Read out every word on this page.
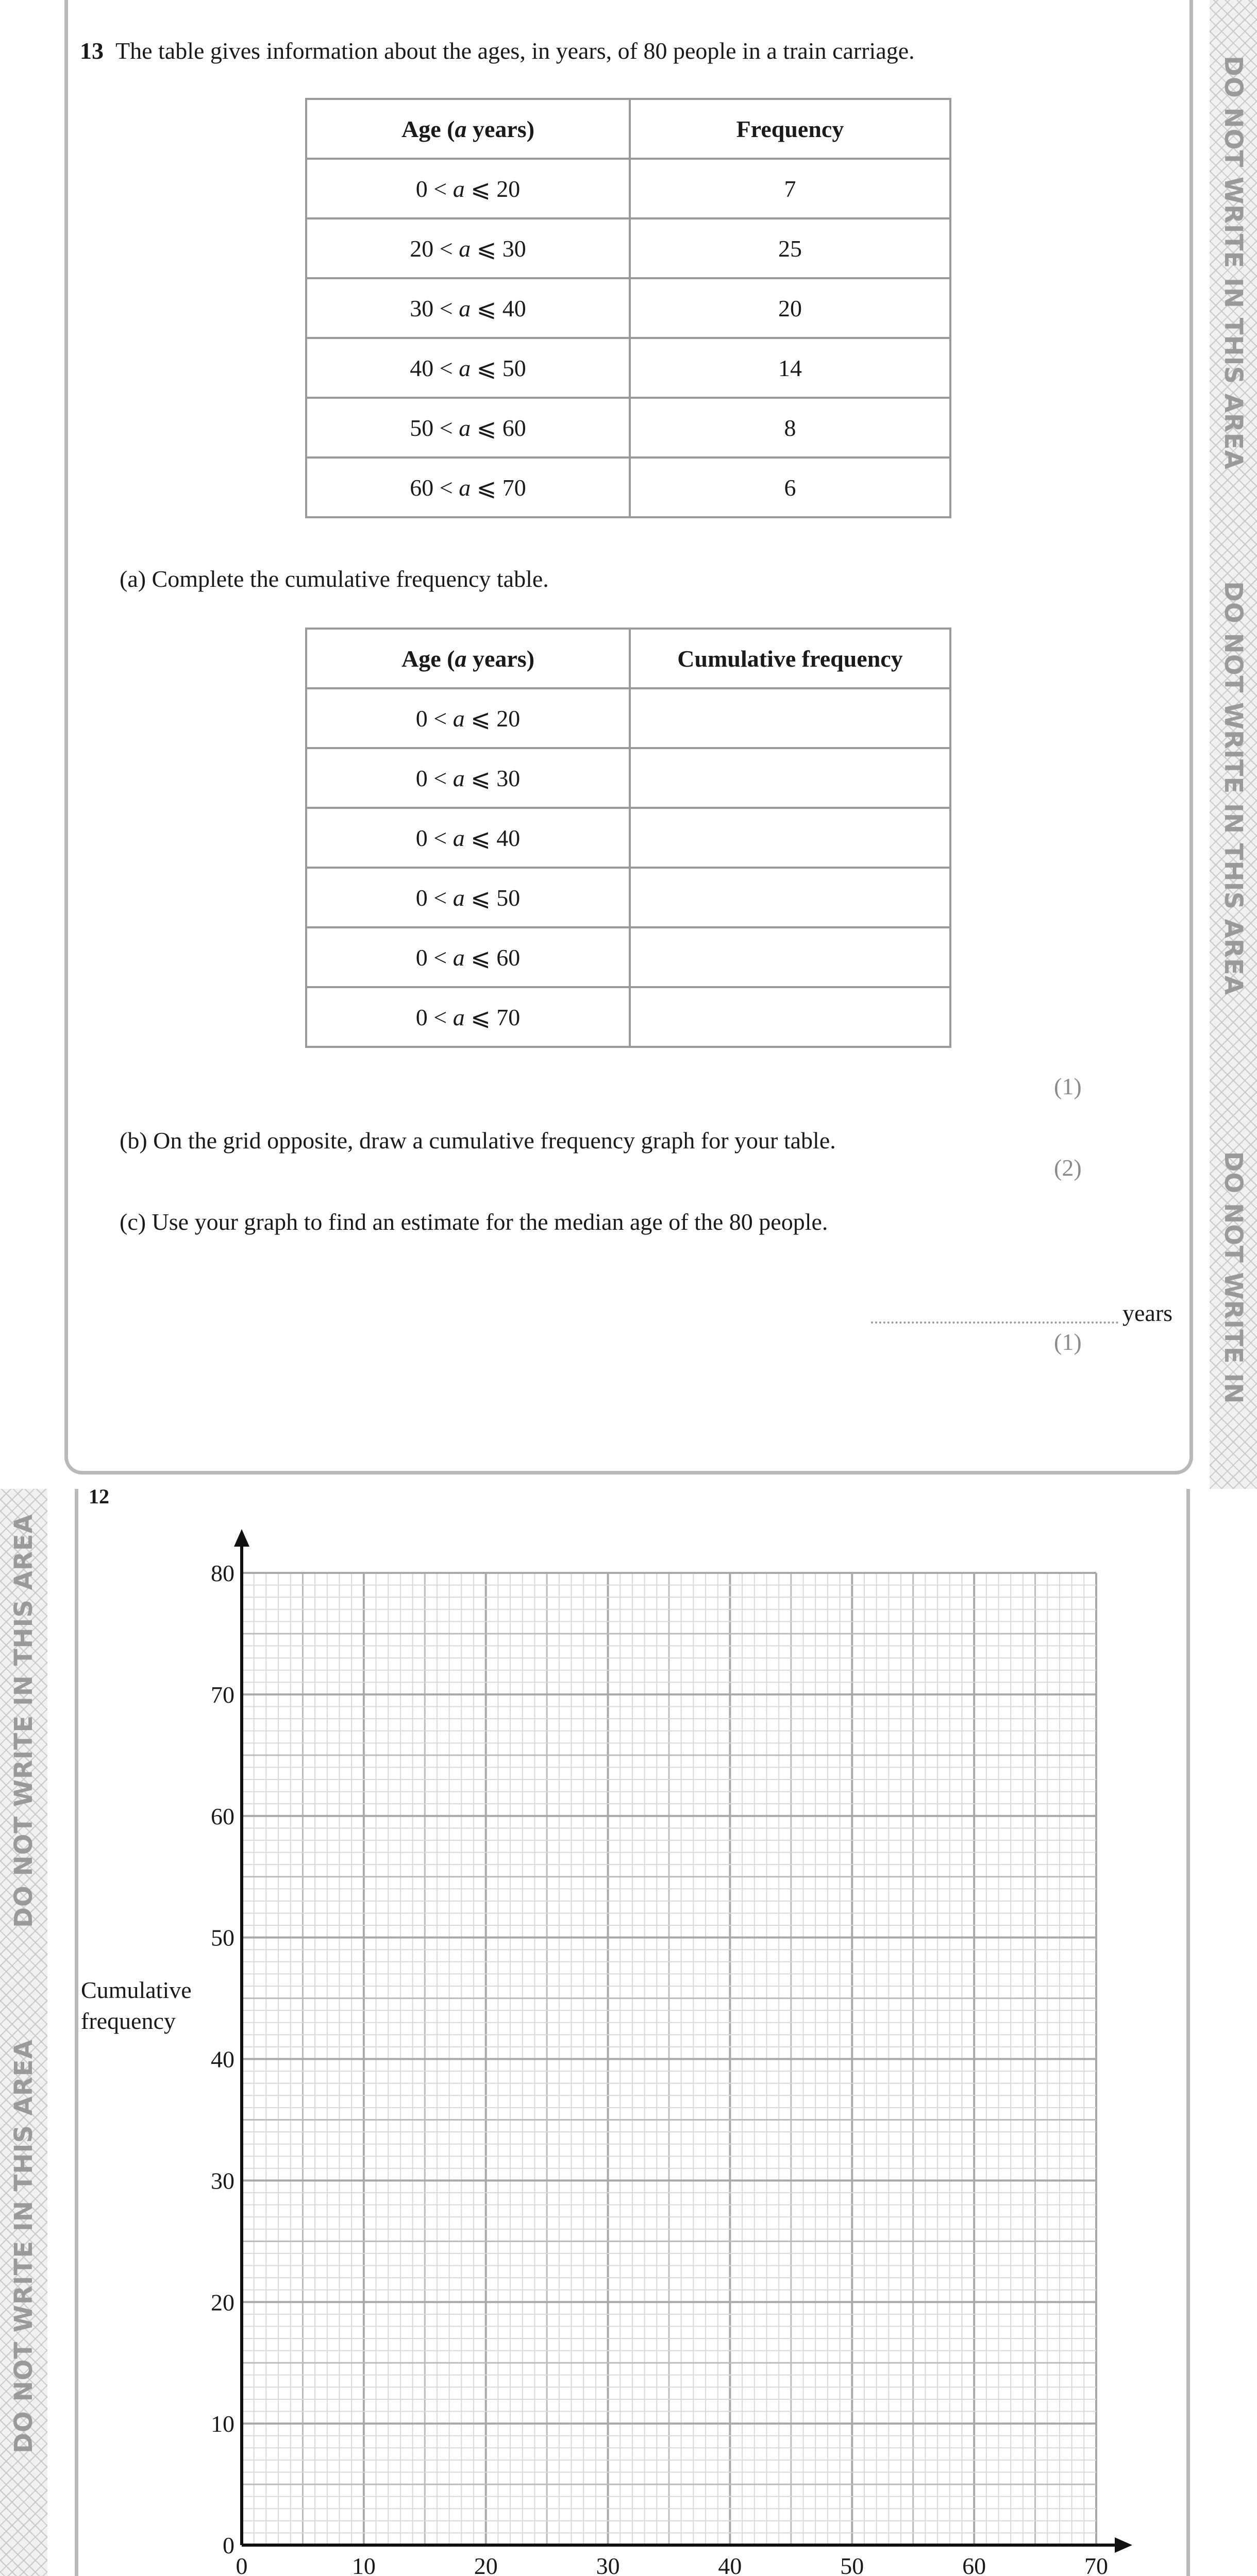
DO NOT WRITE IN THIS AREA
DO NOT WRITE IN THIS AREA
DO NOT WRITE IN
13 The table gives information about the ages, in years, of 80 people in a train carriage.
Age (a years)	Frequency
0 < a ⩽ 20	7
20 < a ⩽ 30	25
30 < a ⩽ 40	20
40 < a ⩽ 50	14
50 < a ⩽ 60	8
60 < a ⩽ 70	6
(a) Complete the cumulative frequency table.
Age (a years)	Cumulative frequency
0 < a ⩽ 20	
0 < a ⩽ 30	
0 < a ⩽ 40	
0 < a ⩽ 50	
0 < a ⩽ 60	
0 < a ⩽ 70	
(1)
(b) On the grid opposite, draw a cumulative frequency graph for your table.
(2)
(c) Use your graph to find an estimate for the median age of the 80 people.
years
(1)
DO NOT WRITE IN THIS AREA
DO NOT WRITE IN THIS AREA
12
0	10	20	30	40	50	60	70
0
10
20
30
40
50
60
70
80
Cumulative
frequency
